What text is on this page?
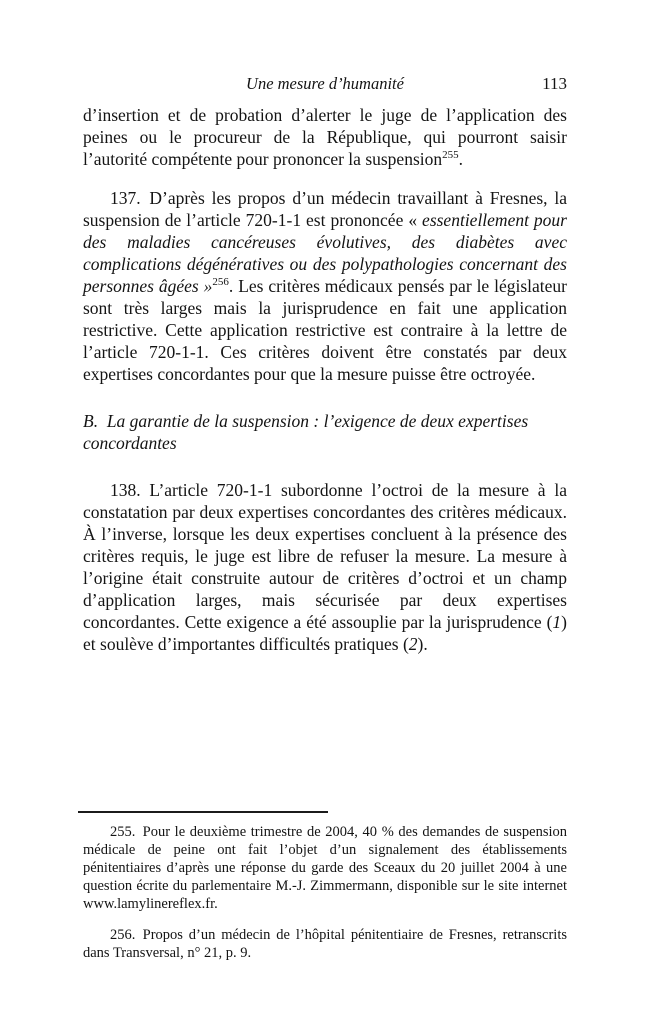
Une mesure d’humanité	113

d’insertion et de probation d’alerter le juge de l’application des peines ou le procureur de la République, qui pourront saisir l’autorité compétente pour prononcer la suspension$^{255}$.

137. D’après les propos d’un médecin travaillant à Fresnes, la suspension de l’article 720-1-1 est prononcée « essentiellement pour des maladies cancéreuses évolutives, des diabètes avec complications dégénératives ou des polypathologies concernant des personnes âgées »$^{256}$. Les critères médicaux pensés par le législateur sont très larges mais la jurisprudence en fait une application restrictive. Cette application restrictive est contraire à la lettre de l’article 720-1-1. Ces critères doivent être constatés par deux expertises concordantes pour que la mesure puisse être octroyée.

B. La garantie de la suspension : l’exigence de deux expertises concordantes

138. L’article 720-1-1 subordonne l’octroi de la mesure à la constatation par deux expertises concordantes des critères médicaux. À l’inverse, lorsque les deux expertises concluent à la présence des critères requis, le juge est libre de refuser la mesure. La mesure à l’origine était construite autour de critères d’octroi et un champ d’application larges, mais sécurisée par deux expertises concordantes. Cette exigence a été assouplie par la jurisprudence (1) et soulève d’importantes difficultés pratiques (2).

255. Pour le deuxième trimestre de 2004, 40 % des demandes de suspension médicale de peine ont fait l’objet d’un signalement des établissements pénitentiaires d’après une réponse du garde des Sceaux du 20 juillet 2004 à une question écrite du parlementaire M.-J. Zimmermann, disponible sur le site internet www.lamylinereflex.fr.

256. Propos d’un médecin de l’hôpital pénitentiaire de Fresnes, retranscrits dans Transversal, n° 21, p. 9.
